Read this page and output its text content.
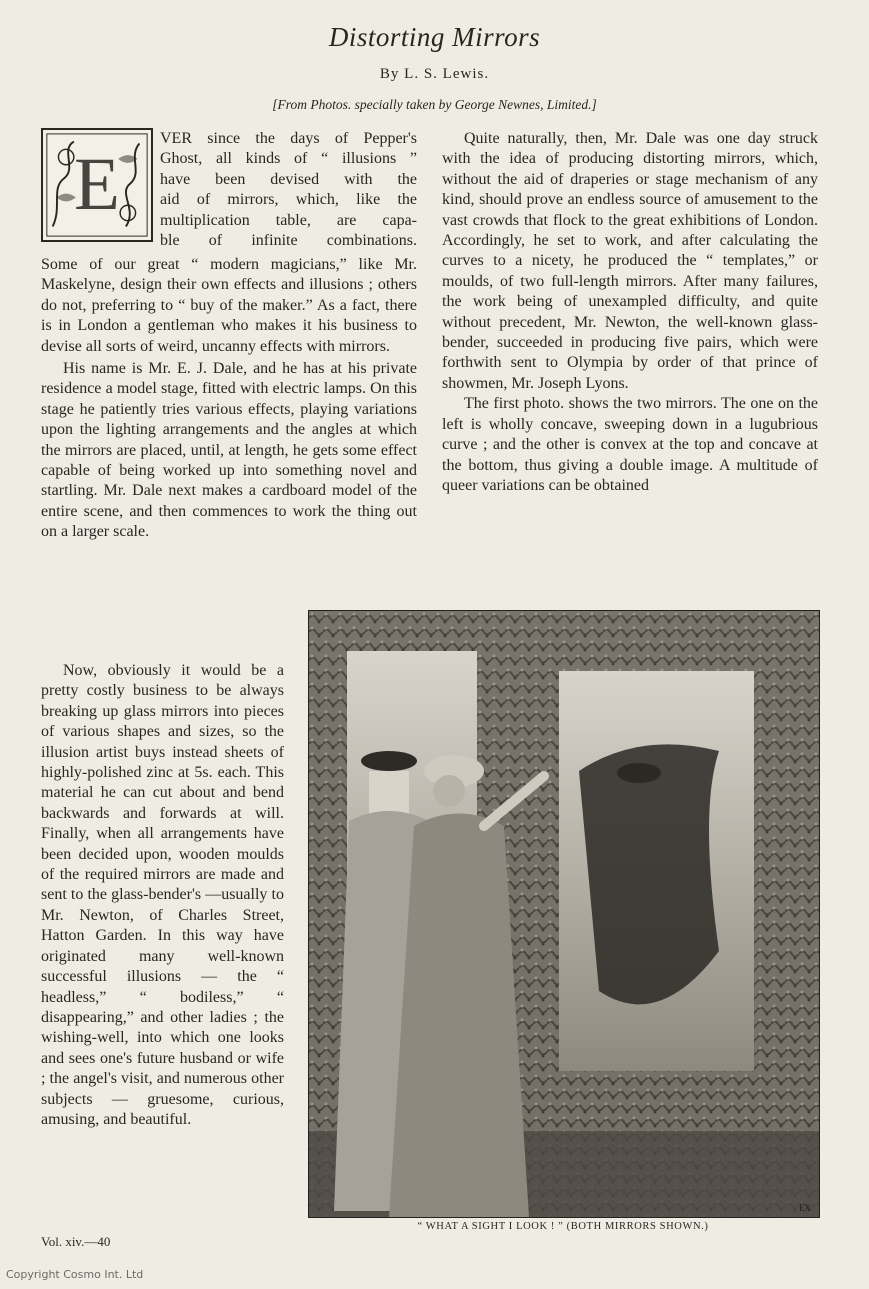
Distorting Mirrors
By L. S. Lewis.
[From Photos. specially taken by George Newnes, Limited.]
E
VER since the days of Pepper's
Ghost, all kinds of “ illusions ”
have been devised with the
aid of mirrors, which, like the
multiplication table, are capa-
ble of infinite combinations.

Some of our great “ modern magicians,” like Mr. Maskelyne, design their own effects and illusions ; others do not, preferring to “ buy of the maker.” As a fact, there is in London a gentleman who makes it his business to devise all sorts of weird, uncanny effects with mirrors.

His name is Mr. E. J. Dale, and he has at his private residence a model stage, fitted with electric lamps. On this stage he patiently tries various effects, playing variations upon the lighting arrangements and the angles at which the mirrors are placed, until, at length, he gets some effect capable of being worked up into something novel and startling. Mr. Dale next makes a cardboard model of the entire scene, and then commences to work the thing out on a larger scale.

Now, obviously it would be a pretty costly business to be always breaking up glass mirrors into pieces of various shapes and sizes, so the illusion artist buys instead sheets of highly-polished zinc at 5s. each. This material he can cut about and bend backwards and forwards at will. Finally, when all arrangements have been decided upon, wooden moulds of the required mirrors are made and sent to the glass-bender's —usually to Mr. Newton, of Charles Street, Hatton Garden. In this way have originated many well-known successful illusions — the “ headless,” “ bodiless,” “ disappearing,” and other ladies ; the wishing-well, into which one looks and sees one's future husband or wife ; the angel's visit, and numerous other subjects — gruesome, curious, amusing, and beautiful.

Quite naturally, then, Mr. Dale was one day struck with the idea of producing distorting mirrors, which, without the aid of draperies or stage mechanism of any kind, should prove an endless source of amusement to the vast crowds that flock to the great exhibitions of London. Accordingly, he set to work, and after calculating the curves to a nicety, he produced the “ templates,” or moulds, of two full-length mirrors. After many failures, the work being of unexampled difficulty, and quite without precedent, Mr. Newton, the well-known glass-bender, succeeded in producing five pairs, which were forthwith sent to Olympia by order of that prince of showmen, Mr. Joseph Lyons.

The first photo. shows the two mirrors. The one on the left is wholly concave, sweeping down in a lugubrious curve ; and the other is convex at the top and concave at the bottom, thus giving a double image. A multitude of queer variations can be obtained

EX
“ WHAT A SIGHT I LOOK ! ” (BOTH MIRRORS SHOWN.)
Vol. xiv.—40
Copyright Cosmo Int. Ltd
